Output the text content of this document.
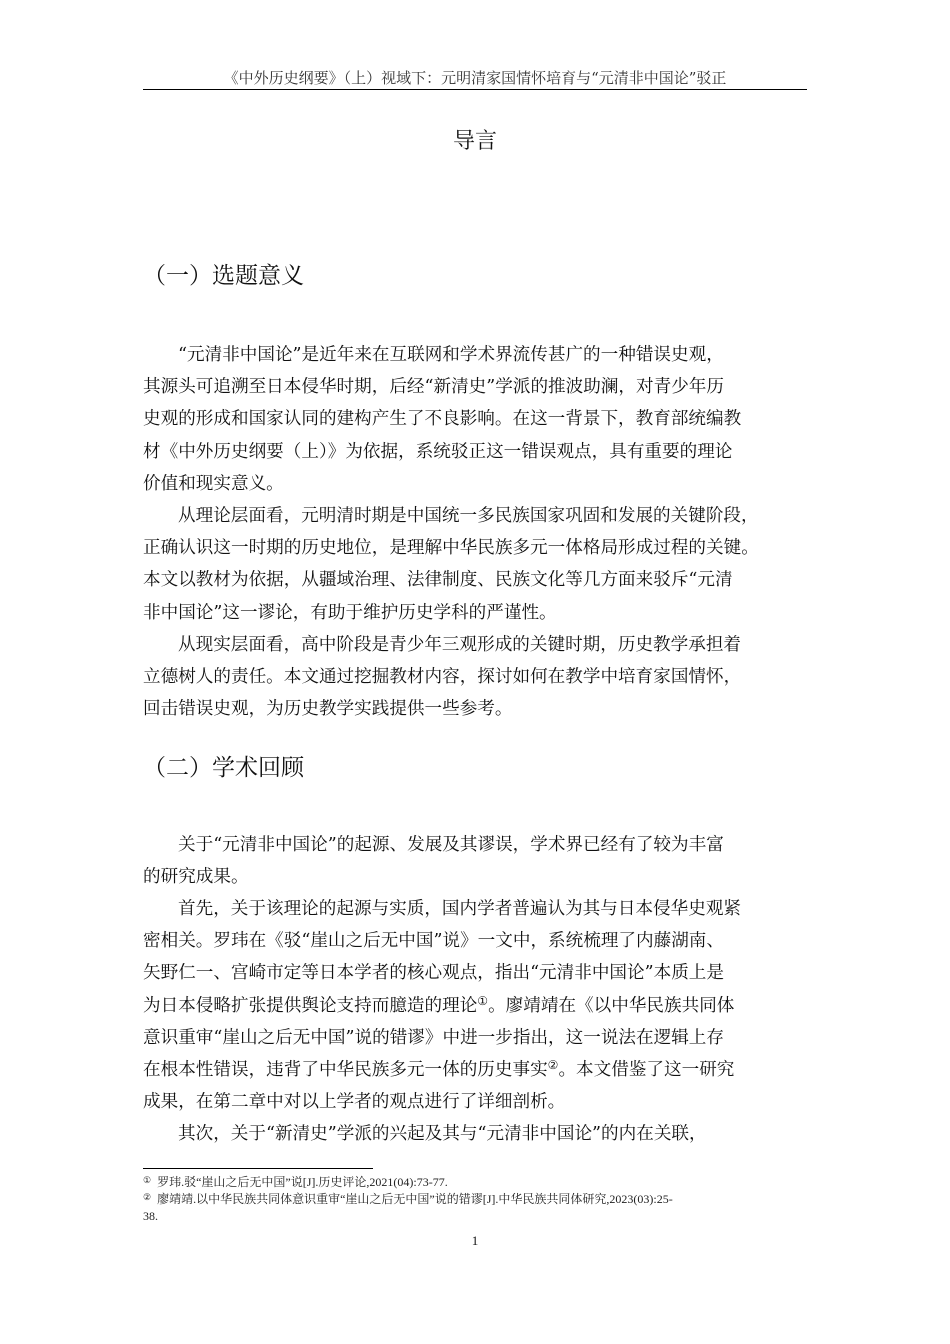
《中外历史纲要》（上）视域下：元明清家国情怀培育与“元清非中国论”驳正
导言
（一）选题意义
“元清非中国论”是近年来在互联网和学术界流传甚广的一种错误史观，
其源头可追溯至日本侵华时期，后经“新清史”学派的推波助澜，对青少年历
史观的形成和国家认同的建构产生了不良影响。在这一背景下，教育部统编教
材《中外历史纲要（上）》为依据，系统驳正这一错误观点，具有重要的理论
价值和现实意义。
从理论层面看，元明清时期是中国统一多民族国家巩固和发展的关键阶段，
正确认识这一时期的历史地位，是理解中华民族多元一体格局形成过程的关键。
本文以教材为依据，从疆域治理、法律制度、民族文化等几方面来驳斥“元清
非中国论”这一谬论，有助于维护历史学科的严谨性。
从现实层面看，高中阶段是青少年三观形成的关键时期，历史教学承担着
立德树人的责任。本文通过挖掘教材内容，探讨如何在教学中培育家国情怀，
回击错误史观，为历史教学实践提供一些参考。
（二）学术回顾
关于“元清非中国论”的起源、发展及其谬误，学术界已经有了较为丰富
的研究成果。
首先，关于该理论的起源与实质，国内学者普遍认为其与日本侵华史观紧
密相关。罗玮在《驳“崖山之后无中国”说》一文中，系统梳理了内藤湖南、
矢野仁一、宫崎市定等日本学者的核心观点，指出“元清非中国论”本质上是
为日本侵略扩张提供舆论支持而臆造的理论①。廖靖靖在《以中华民族共同体
意识重审“崖山之后无中国”说的错谬》中进一步指出，这一说法在逻辑上存
在根本性错误，违背了中华民族多元一体的历史事实②。本文借鉴了这一研究
成果，在第二章中对以上学者的观点进行了详细剖析。
其次，关于“新清史”学派的兴起及其与“元清非中国论”的内在关联，
① 罗玮.驳“崖山之后无中国”说[J].历史评论,2021(04):73-77.
② 廖靖靖.以中华民族共同体意识重审“崖山之后无中国”说的错谬[J].中华民族共同体研究,2023(03):25-
38.
1
